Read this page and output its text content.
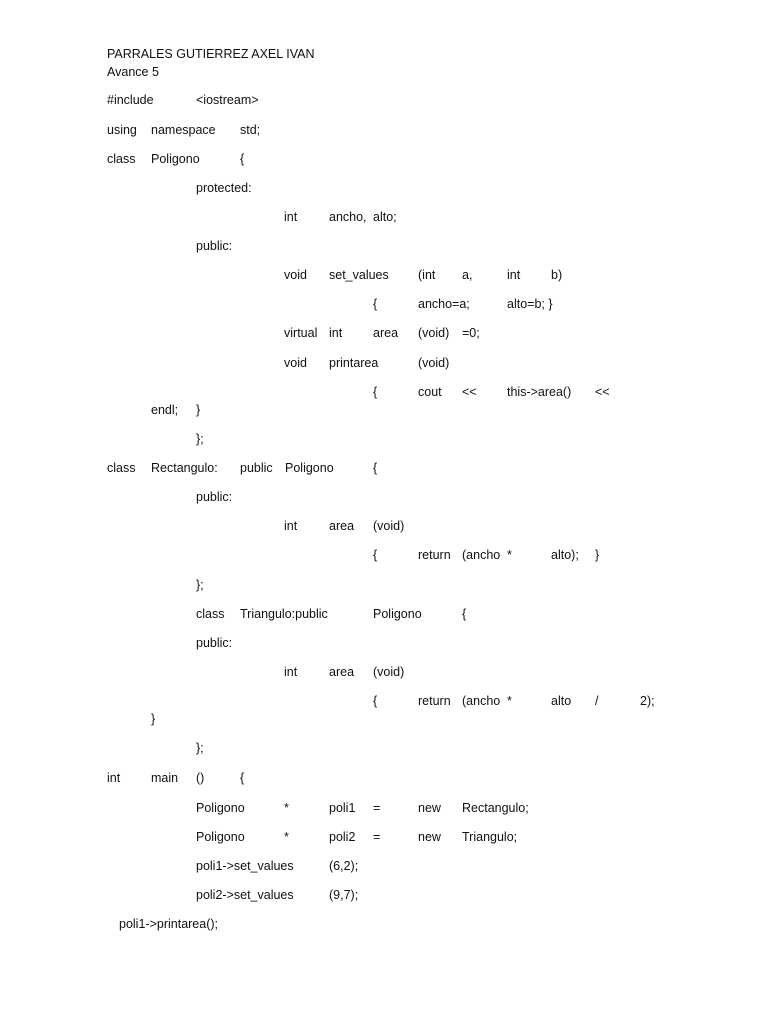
PARRALES GUTIERREZ AXEL IVAN
Avance 5
#include	<iostream>
using namespace std;
class Poligono	{
protected:
int	ancho, alto;
public:
void set_values (int a,	int b)
{	ancho=a;	alto=b; }
virtual int area (void) =0;
void printarea	(void)
{	cout << this->area() <<
endl; }
};
class Rectangulo: public Poligono	{
public:
int	area (void)
{	return (ancho *	alto); }
};
class Triangulo:public	Poligono	{
public:
int	area (void)
{	return (ancho *	alto /	2);
}
};
int main ()	{
Poligono	*	poli1 =	new Rectangulo;
Poligono	*	poli2 =	new Triangulo;
poli1->set_values	(6,2);
poli2->set_values	(9,7);
poli1->printarea();
